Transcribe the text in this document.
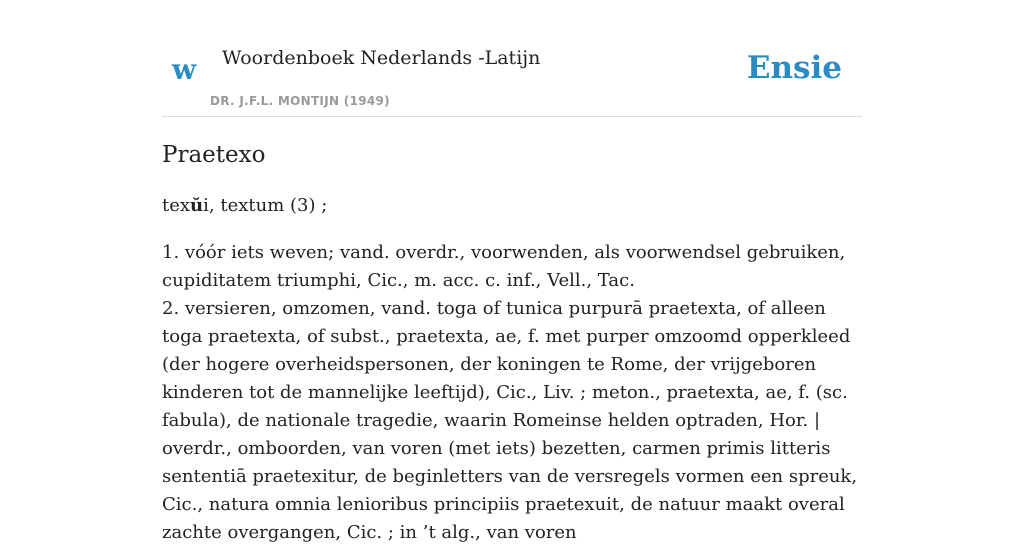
w Woordenboek Nederlands -Latijn
DR. J.F.L. MONTIJN (1949)
Ensie
Praetexo
texŭi, textum (3) ;

1. vóór iets weven; vand. overdr., voorwenden, als voorwendsel gebruiken, cupiditatem triumphi, Cic., m. acc. c. inf., Vell., Tac.

2. versieren, omzomen, vand. toga of tunica purpurā praetexta, of alleen toga praetexta, of subst., praetexta, ae, f. met purper omzoomd opperkleed (der hogere overheidspersonen, der koningen te Rome, der vrijgeboren kinderen tot de mannelijke leeftijd), Cic., Liv. ; meton., praetexta, ae, f. (sc. fabula), de nationale tragedie, waarin Romeinse helden optraden, Hor. | overdr., omboorden, van voren (met iets) bezetten, carmen primis litteris sententiā praetexitur, de beginletters van de versregels vormen een spreuk, Cic., natura omnia lenioribus principiis praetexuit, de natuur maakt overal zachte overgangen, Cic. ; in ’t alg., van voren
